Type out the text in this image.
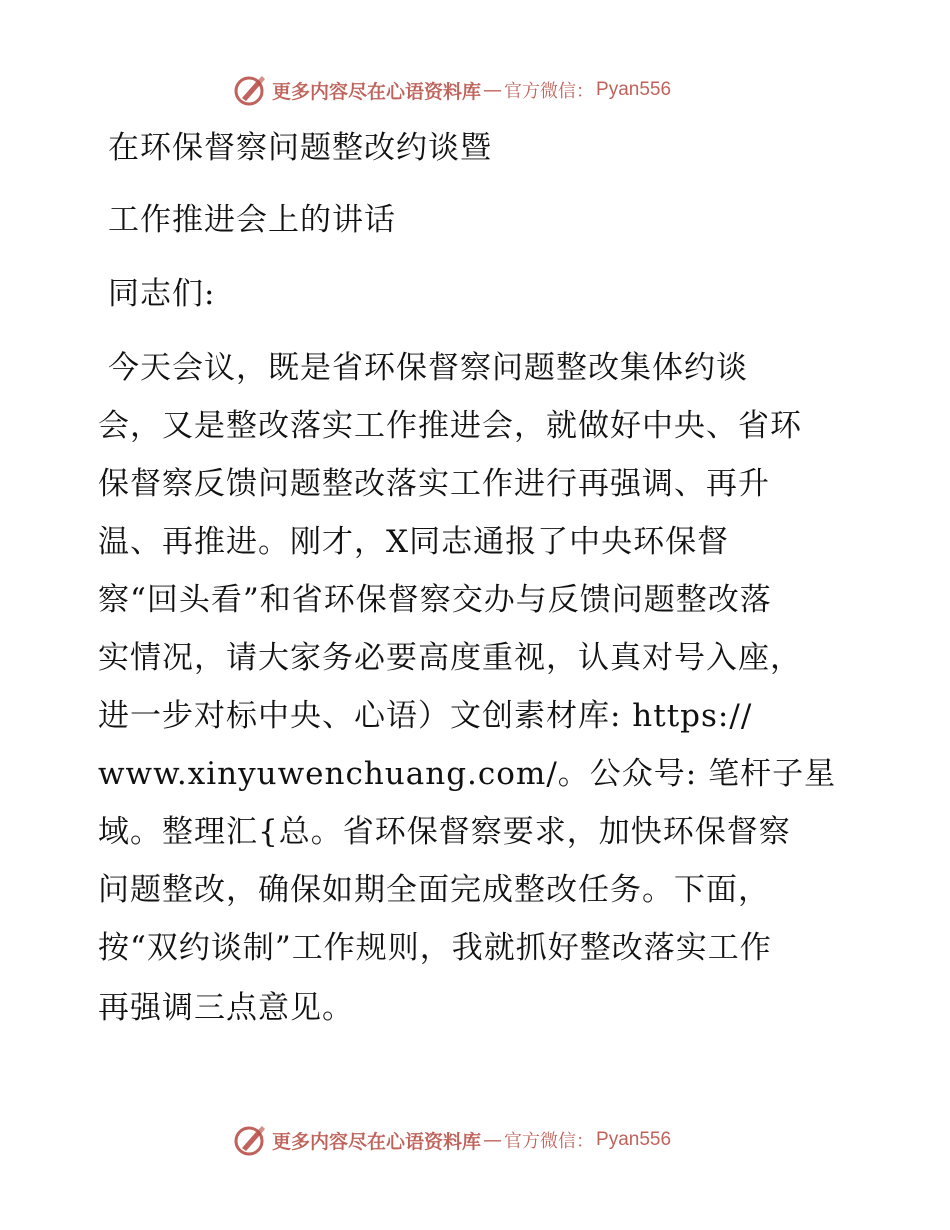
更多内容尽在心语资料库 — 官方微信： Pyan556
在环保督察问题整改约谈暨
工作推进会上的讲话
同志们:
今天会议，既是省环保督察问题整改集体约谈
会，又是整改落实工作推进会，就做好中央、省环
保督察反馈问题整改落实工作进行再强调、再升
温、再推进。刚才，X同志通报了中央环保督
察“回头看”和省环保督察交办与反馈问题整改落
实情况，请大家务必要高度重视，认真对号入座，
进一步对标中央、心语）文创素材库: https://
www.xinyuwenchuang.com/。公众号: 笔杆子星
域。整理汇{总。省环保督察要求，加快环保督察
问题整改，确保如期全面完成整改任务。下面，
按“双约谈制”工作规则，我就抓好整改落实工作
再强调三点意见。
更多内容尽在心语资料库 — 官方微信： Pyan556
